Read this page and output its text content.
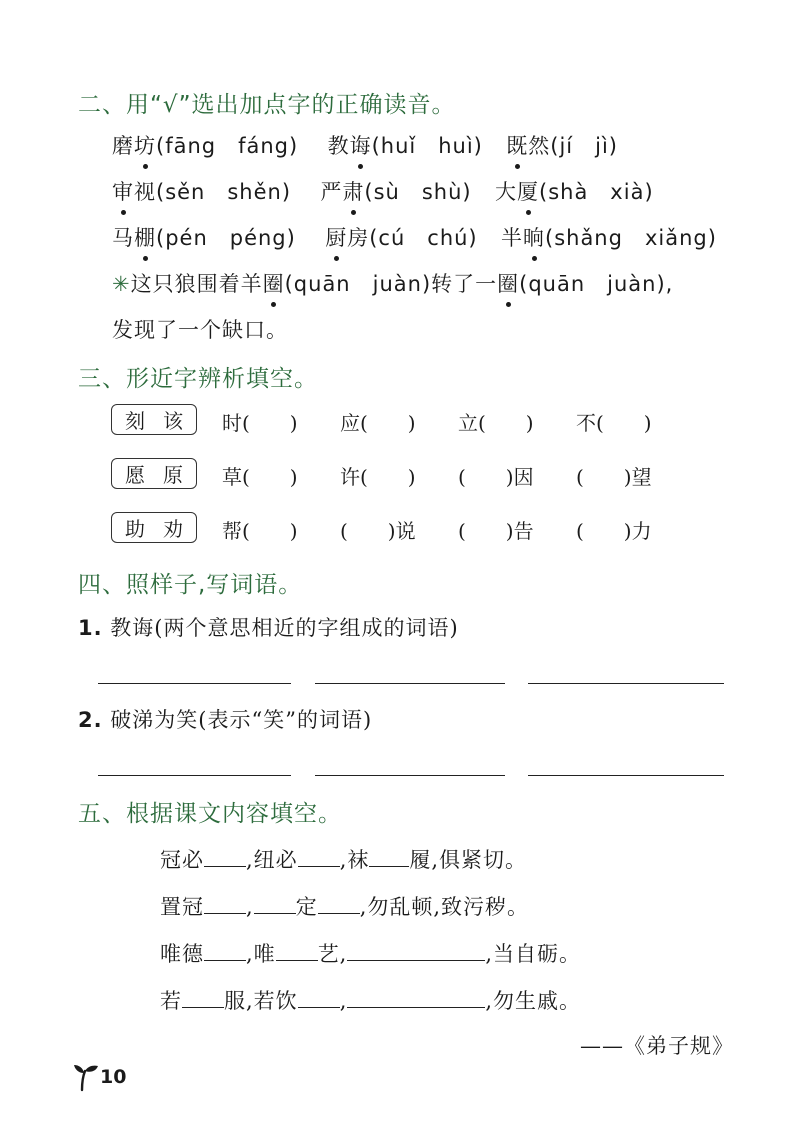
二、用“√”选出加点字的正确读音。
磨坊(fāng　fáng) 教诲(huǐ　huì) 既然(jí　jì)
审视(sěn　shěn) 严肃(sù　shù) 大厦(shà　xià)
马棚(pén　péng) 厨房(cú　chú) 半晌(shǎng　xiǎng)
✳这只狼围着羊圈(quān　juàn)转了一圈(quān　juàn),
发现了一个缺口。
三、形近字辨析填空。
刻 该 时(　　) 应(　　) 立(　　) 不(　　)
愿 原 草(　　) 许(　　) (　　)因 (　　)望
助 劝 帮(　　) (　　)说 (　　)告 (　　)力
四、照样子,写词语。
1. 教诲(两个意思相近的字组成的词语)
2. 破涕为笑(表示“笑”的词语)
五、根据课文内容填空。
冠必 ,纽必 ,袜 履,俱紧切。
置冠 , 定 ,勿乱顿,致污秽。
唯德 ,唯 艺,	,当自砺。
若 服,若饮 ,	,勿生戚。
——《弟子规》
10
